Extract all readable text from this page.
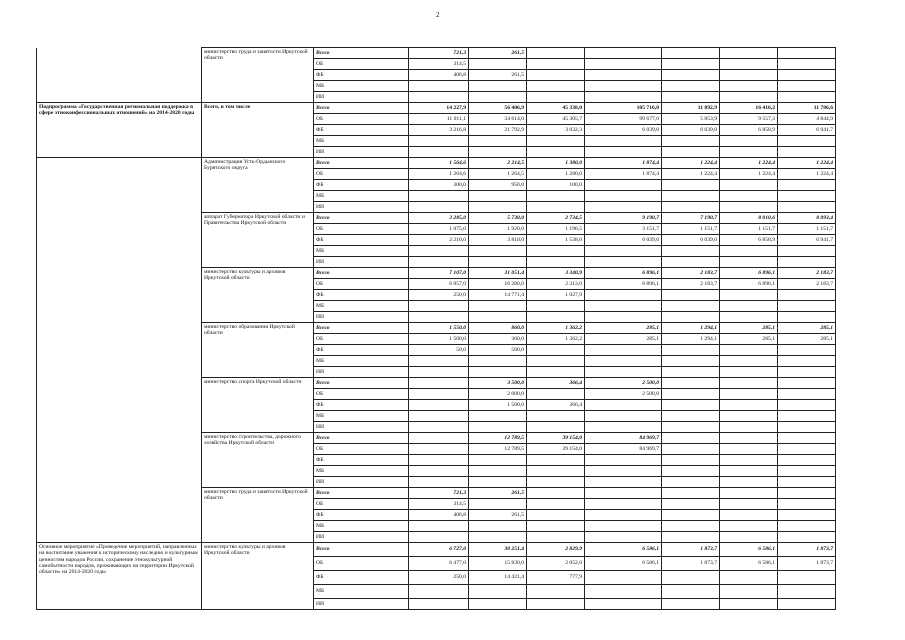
2
	министерство труда и занятости Иркутской области	Всего	721,3	261,5					
		ОБ	314,5						
		ФБ	406,8	261,5					
		МБ							
		ИИ							
Подпрограмма «Государственная региональная поддержка в сфере этноконфессиональных отношений» на 2014-2020 годы	Всего, в том числе	Всего	14 227,9	56 406,9	45 338,0	105 716,0	11 892,9	16 416,2	11 786,6
		ОБ	11 011,1	34 614,0	45 305,7	99 677,0	5 853,9	9 557,3	4 844,9
		ФБ	3 216,8	21 792,9	3 032,3	6 039,0	6 039,0	6 858,9	6 941,7
		МБ							
		ИИ							
	Администрация Усть-Ордынского Бурятского округа	Всего	1 564,6	2 214,5	1 380,0	1 874,4	1 224,4	1 224,4	1 224,4
		ОБ	1 264,6	1 264,5	1 280,0	1 874,4	1 224,4	1 224,4	1 224,4
		ФБ	300,0	950,0	100,0				
		МБ							
		ИИ							
	аппарат Губернатора Иркутской области и Правительства Иркутской области	Всего	3 285,0	5 730,0	2 734,5	9 190,7	7 190,7	8 010,6	8 093,4
		ОБ	1 075,0	1 920,0	1 196,5	3 151,7	1 151,7	1 151,7	1 151,7
		ФБ	2 210,0	3 810,0	1 538,0	6 039,0	6 039,0	6 858,9	6 941,7
		МБ							
		ИИ							
	министерство культуры и архивов Иркутской области	Всего	7 107,0	31 051,4	3 340,9	6 896,1	2 183,7	6 896,1	2 183,7
		ОБ	6 857,0	16 280,0	2 313,0	6 896,1	2 183,7	6 896,1	2 183,7
		ФБ	250,0	14 771,4	1 027,9				
		МБ							
		ИИ							
	министерство образования Иркутской области	Всего	1 550,0	860,0	1 362,2	285,1	1 294,1	285,1	285,1
		ОБ	1 500,0	360,0	1 362,2	285,1	1 294,1	285,1	285,1
		ФБ	50,0	500,0					
		МБ							
		ИИ							
	министерство спорта Иркутской области	Всего		3 500,0	366,4	2 500,0			
		ОБ		2 000,0		2 500,0			
		ФБ		1 500,0	366,4				
		МБ							
		ИИ							
	министерство строительства, дорожного хозяйства Иркутской области	Всего		12 789,5	39 154,0	84 969,7			
		ОБ		12 789,5	39 154,0	84 969,7			
		ФБ							
		МБ							
		ИИ							
	министерство труда и занятости Иркутской области	Всего	721,3	261,5					
		ОБ	314,5						
		ФБ	406,8	261,5					
		МБ							
		ИИ							
Основное мероприятие «Проведение мероприятий, направленных на воспитание уважения к историческому наследию и культурным ценностям народов России, сохранение этнокультурной самобытности народов, проживающих на территории Иркутской области» на 2014-2020 годы	министерство культуры и архивов Иркутской области	Всего	6 727,0	30 251,4	2 829,9	6 586,1	1 873,7	6 586,1	1 873,7
		ОБ	6 477,0	15 830,0	2 052,0	6 586,1	1 873,7	6 586,1	1 873,7
		ФБ	250,0	14 421,4	777,9				
		МБ							
		ИИ							
